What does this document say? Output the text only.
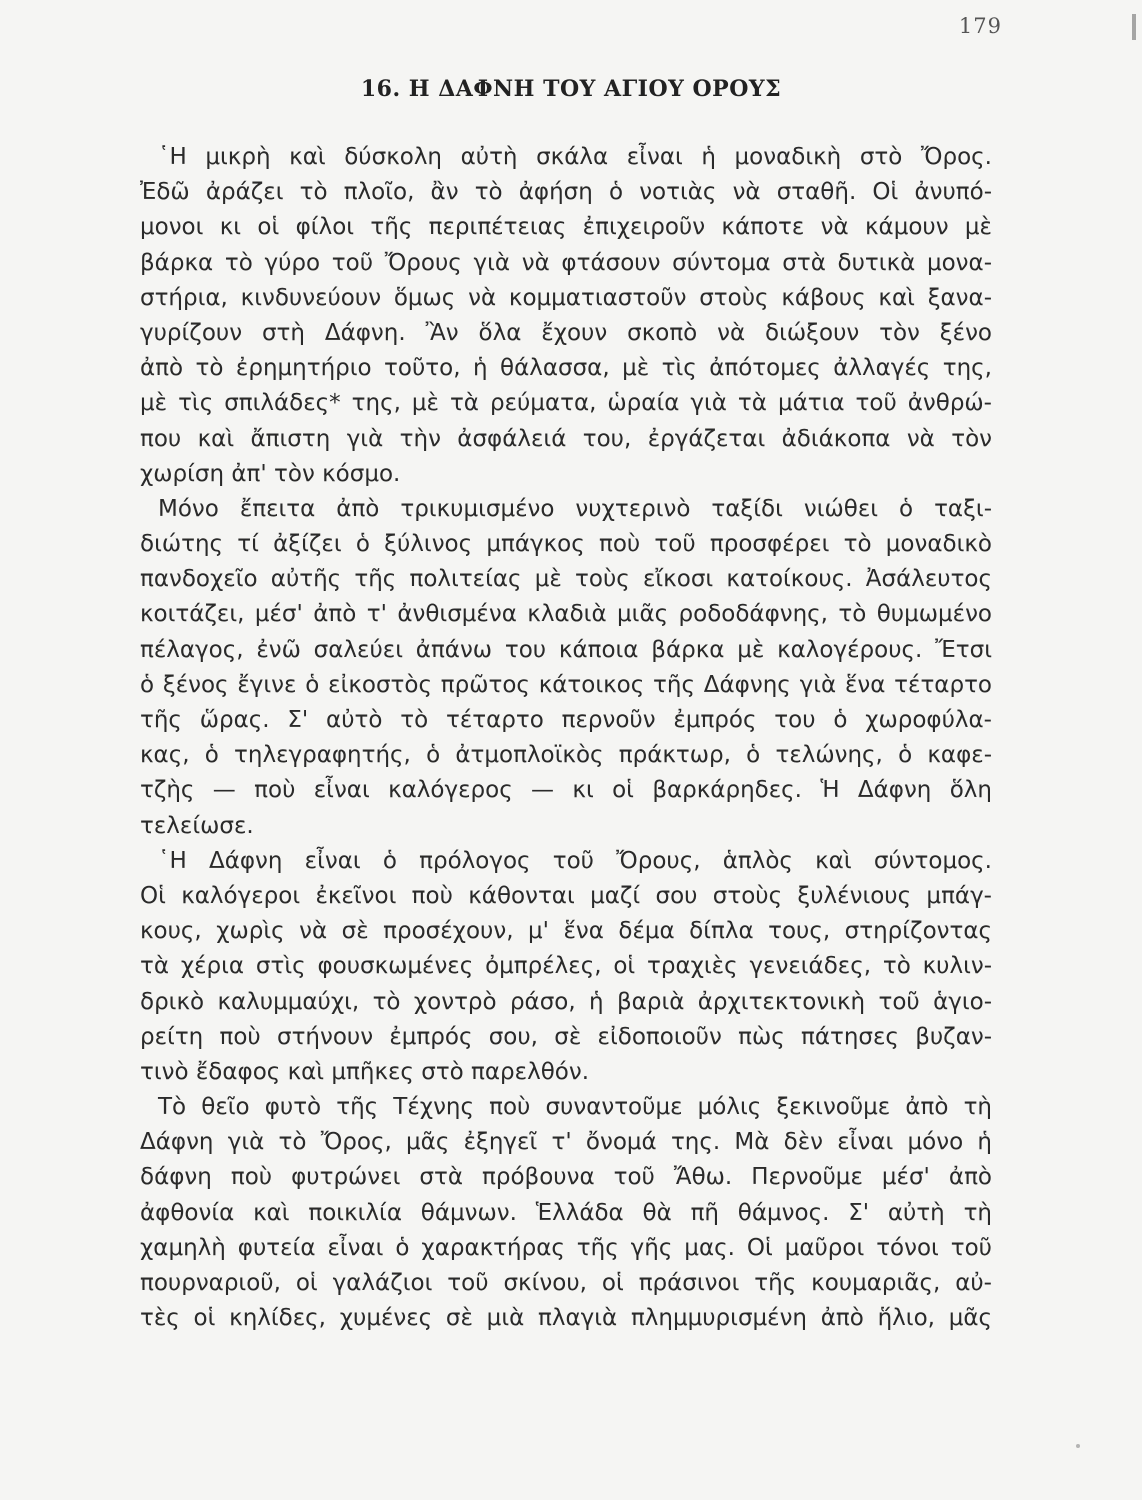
179
16. Η ΔΑΦΝΗ ΤΟΥ ΑΓΙΟΥ ΟΡΟΥΣ
῾Η μικρὴ καὶ δύσκολη αὐτὴ σκάλα εἶναι ἡ μοναδικὴ στὸ Ὄρος.
Ἐδῶ ἀράζει τὸ πλοῖο, ἂν τὸ ἀφήση ὁ νοτιὰς νὰ σταθῆ. Οἱ ἀνυπό-
μονοι κι οἱ φίλοι τῆς περιπέτειας ἐπιχειροῦν κάποτε νὰ κάμουν μὲ
βάρκα τὸ γύρο τοῦ Ὄρους γιὰ νὰ φτάσουν σύντομα στὰ δυτικὰ μονα-
στήρια, κινδυνεύουν ὅμως νὰ κομματιαστοῦν στοὺς κάβους καὶ ξανα-
γυρίζουν στὴ Δάφνη. Ἂν ὅλα ἔχουν σκοπὸ νὰ διώξουν τὸν ξένο
ἀπὸ τὸ ἐρημητήριο τοῦτο, ἡ θάλασσα, μὲ τὶς ἀπότομες ἀλλαγές της,
μὲ τὶς σπιλάδες* της, μὲ τὰ ρεύματα, ὡραία γιὰ τὰ μάτια τοῦ ἀνθρώ-
που καὶ ἄπιστη γιὰ τὴν ἀσφάλειά του, ἐργάζεται ἀδιάκοπα νὰ τὸν
χωρίση ἀπ' τὸν κόσμο.
Μόνο ἔπειτα ἀπὸ τρικυμισμένο νυχτερινὸ ταξίδι νιώθει ὁ ταξι-
διώτης τί ἀξίζει ὁ ξύλινος μπάγκος ποὺ τοῦ προσφέρει τὸ μοναδικὸ
πανδοχεῖο αὐτῆς τῆς πολιτείας μὲ τοὺς εἴκοσι κατοίκους. Ἀσάλευτος
κοιτάζει, μέσ' ἀπὸ τ' ἀνθισμένα κλαδιὰ μιᾶς ροδοδάφνης, τὸ θυμωμένο
πέλαγος, ἐνῶ σαλεύει ἀπάνω του κάποια βάρκα μὲ καλογέρους. Ἔτσι
ὁ ξένος ἔγινε ὁ εἰκοστὸς πρῶτος κάτοικος τῆς Δάφνης γιὰ ἕνα τέταρτο
τῆς ὥρας. Σ' αὐτὸ τὸ τέταρτο περνοῦν ἐμπρός του ὁ χωροφύλα-
κας, ὁ τηλεγραφητής, ὁ ἀτμοπλοϊκὸς πράκτωρ, ὁ τελώνης, ὁ καφε-
τζὴς — ποὺ εἶναι καλόγερος — κι οἱ βαρκάρηδες. Ἡ Δάφνη ὅλη
τελείωσε.
῾Η Δάφνη εἶναι ὁ πρόλογος τοῦ Ὄρους, ἁπλὸς καὶ σύντομος.
Οἱ καλόγεροι ἐκεῖνοι ποὺ κάθονται μαζί σου στοὺς ξυλένιους μπάγ-
κους, χωρὶς νὰ σὲ προσέχουν, μ' ἕνα δέμα δίπλα τους, στηρίζοντας
τὰ χέρια στὶς φουσκωμένες ὀμπρέλες, οἱ τραχιὲς γενειάδες, τὸ κυλιν-
δρικὸ καλυμμαύχι, τὸ χοντρὸ ράσο, ἡ βαριὰ ἀρχιτεκτονικὴ τοῦ ἁγιο-
ρείτη ποὺ στήνουν ἐμπρός σου, σὲ εἰδοποιοῦν πὼς πάτησες βυζαν-
τινὸ ἔδαφος καὶ μπῆκες στὸ παρελθόν.
Τὸ θεῖο φυτὸ τῆς Τέχνης ποὺ συναντοῦμε μόλις ξεκινοῦμε ἀπὸ τὴ
Δάφνη γιὰ τὸ Ὄρος, μᾶς ἐξηγεῖ τ' ὄνομά της. Μὰ δὲν εἶναι μόνο ἡ
δάφνη ποὺ φυτρώνει στὰ πρόβουνα τοῦ Ἄθω. Περνοῦμε μέσ' ἀπὸ
ἀφθονία καὶ ποικιλία θάμνων. Ἑλλάδα θὰ πῆ θάμνος. Σ' αὐτὴ τὴ
χαμηλὴ φυτεία εἶναι ὁ χαρακτήρας τῆς γῆς μας. Οἱ μαῦροι τόνοι τοῦ
πουρναριοῦ, οἱ γαλάζιοι τοῦ σκίνου, οἱ πράσινοι τῆς κουμαριᾶς, αὐ-
τὲς οἱ κηλίδες, χυμένες σὲ μιὰ πλαγιὰ πλημμυρισμένη ἀπὸ ἥλιο, μᾶς
